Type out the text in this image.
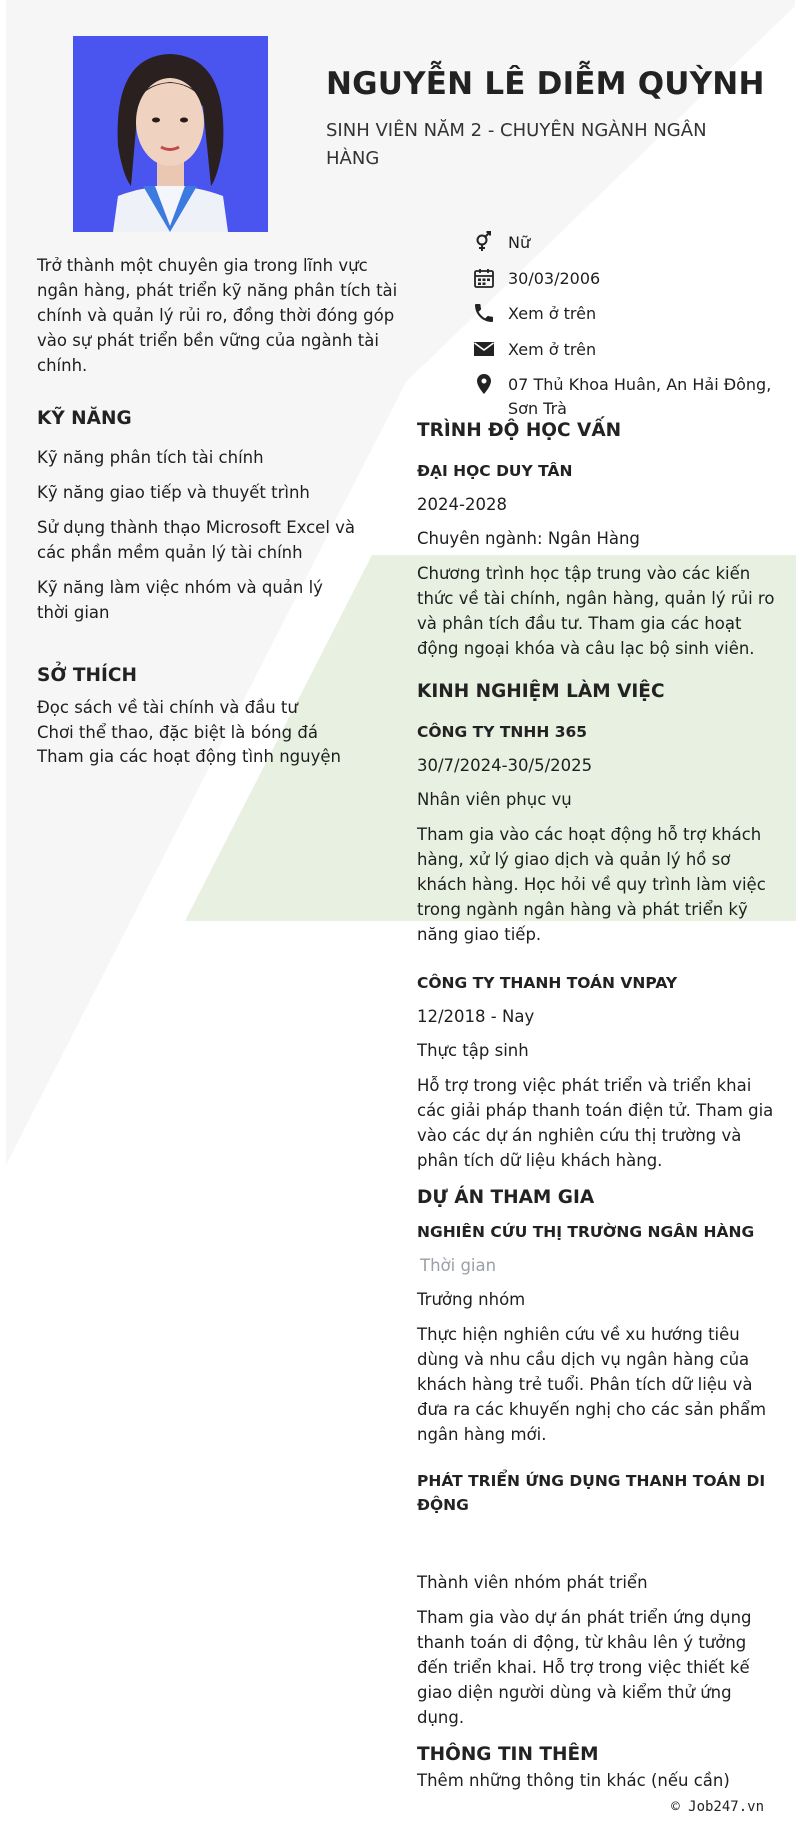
NGUYỄN LÊ DIỄM QUỲNH
SINH VIÊN NĂM 2 - CHUYÊN NGÀNH NGÂN HÀNG
Trở thành một chuyên gia trong lĩnh vực ngân hàng, phát triển kỹ năng phân tích tài chính và quản lý rủi ro, đồng thời đóng góp vào sự phát triển bền vững của ngành tài chính.
Nữ
30/03/2006
Xem ở trên
Xem ở trên
07 Thủ Khoa Huân, An Hải Đông, Sơn Trà
KỸ NĂNG
Kỹ năng phân tích tài chính
Kỹ năng giao tiếp và thuyết trình
Sử dụng thành thạo Microsoft Excel và các phần mềm quản lý tài chính
Kỹ năng làm việc nhóm và quản lý thời gian
SỞ THÍCH
Đọc sách về tài chính và đầu tư
Chơi thể thao, đặc biệt là bóng đá
Tham gia các hoạt động tình nguyện
TRÌNH ĐỘ HỌC VẤN
ĐẠI HỌC DUY TÂN
2024-2028
Chuyên ngành: Ngân Hàng
Chương trình học tập trung vào các kiến thức về tài chính, ngân hàng, quản lý rủi ro và phân tích đầu tư. Tham gia các hoạt động ngoại khóa và câu lạc bộ sinh viên.
KINH NGHIỆM LÀM VIỆC
CÔNG TY TNHH 365
30/7/2024-30/5/2025
Nhân viên phục vụ
Tham gia vào các hoạt động hỗ trợ khách hàng, xử lý giao dịch và quản lý hồ sơ khách hàng. Học hỏi về quy trình làm việc trong ngành ngân hàng và phát triển kỹ năng giao tiếp.
CÔNG TY THANH TOÁN VNPAY
12/2018 - Nay
Thực tập sinh
Hỗ trợ trong việc phát triển và triển khai các giải pháp thanh toán điện tử. Tham gia vào các dự án nghiên cứu thị trường và phân tích dữ liệu khách hàng.
DỰ ÁN THAM GIA
NGHIÊN CỨU THỊ TRƯỜNG NGÂN HÀNG
Thời gian
Trưởng nhóm
Thực hiện nghiên cứu về xu hướng tiêu dùng và nhu cầu dịch vụ ngân hàng của khách hàng trẻ tuổi. Phân tích dữ liệu và đưa ra các khuyến nghị cho các sản phẩm ngân hàng mới.
PHÁT TRIỂN ỨNG DỤNG THANH TOÁN DI ĐỘNG
Thành viên nhóm phát triển
Tham gia vào dự án phát triển ứng dụng thanh toán di động, từ khâu lên ý tưởng đến triển khai. Hỗ trợ trong việc thiết kế giao diện người dùng và kiểm thử ứng dụng.
THÔNG TIN THÊM
Thêm những thông tin khác (nếu cần)
© Job247.vn
